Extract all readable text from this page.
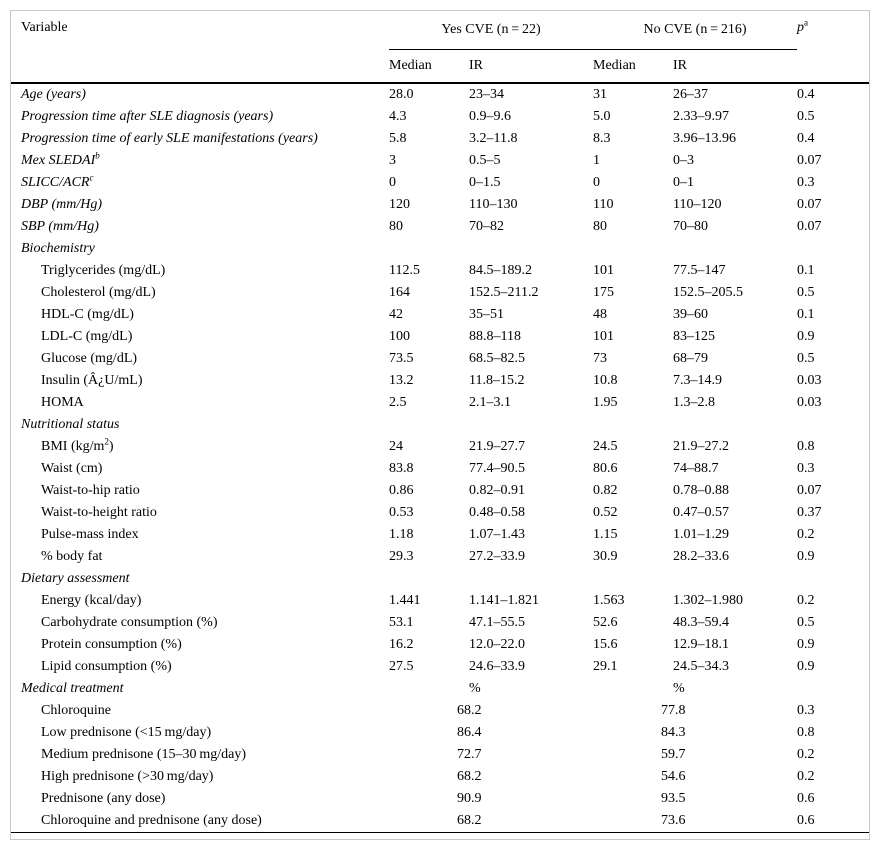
Variable	Yes CVE (n = 22)		No CVE (n = 216)		$p^a$
	Median	IR	Median	IR	
Age (years)	28.0	23–34	31	26–37	0.4
Progression time after SLE diagnosis (years)	4.3	0.9–9.6	5.0	2.33–9.97	0.5
Progression time of early SLE manifestations (years)	5.8	3.2–11.8	8.3	3.96–13.96	0.4
Mex SLEDAI$^b$	3	0.5–5	1	0–3	0.07
SLICC/ACR$^c$	0	0–1.5	0	0–1	0.3
DBP (mm/Hg)	120	110–130	110	110–120	0.07
SBP (mm/Hg)	80	70–82	80	70–80	0.07
Biochemistry					
Triglycerides (mg/dL)	112.5	84.5–189.2	101	77.5–147	0.1
Cholesterol (mg/dL)	164	152.5–211.2	175	152.5–205.5	0.5
HDL-C (mg/dL)	42	35–51	48	39–60	0.1
LDL-C (mg/dL)	100	88.8–118	101	83–125	0.9
Glucose (mg/dL)	73.5	68.5–82.5	73	68–79	0.5
Insulin (Â¿U/mL)	13.2	11.8–15.2	10.8	7.3–14.9	0.03
HOMA	2.5	2.1–3.1	1.95	1.3–2.8	0.03
Nutritional status					
BMI $(kg/m^2)$	24	21.9–27.7	24.5	21.9–27.2	0.8
Waist (cm)	83.8	77.4–90.5	80.6	74–88.7	0.3
Waist-to-hip ratio	0.86	0.82–0.91	0.82	0.78–0.88	0.07
Waist-to-height ratio	0.53	0.48–0.58	0.52	0.47–0.57	0.37
Pulse-mass index	1.18	1.07–1.43	1.15	1.01–1.29	0.2
% body fat	29.3	27.2–33.9	30.9	28.2–33.6	0.9
Dietary assessment					
Energy (kcal/day)	1.441	1.141–1.821	1.563	1.302–1.980	0.2
Carbohydrate consumption (%)	53.1	47.1–55.5	52.6	48.3–59.4	0.5
Protein consumption (%)	16.2	12.0–22.0	15.6	12.9–18.1	0.9
Lipid consumption (%)	27.5	24.6–33.9	29.1	24.5–34.3	0.9
Medical treatment		%		%	
Chloroquine	68.2		77.8		0.3
Low prednisone (<15 mg/day)	86.4		84.3		0.8
Medium prednisone (15–30 mg/day)	72.7		59.7		0.2
High prednisone (>30 mg/day)	68.2		54.6		0.2
Prednisone (any dose)	90.9		93.5		0.6
Chloroquine and prednisone (any dose)	68.2		73.6		0.6
